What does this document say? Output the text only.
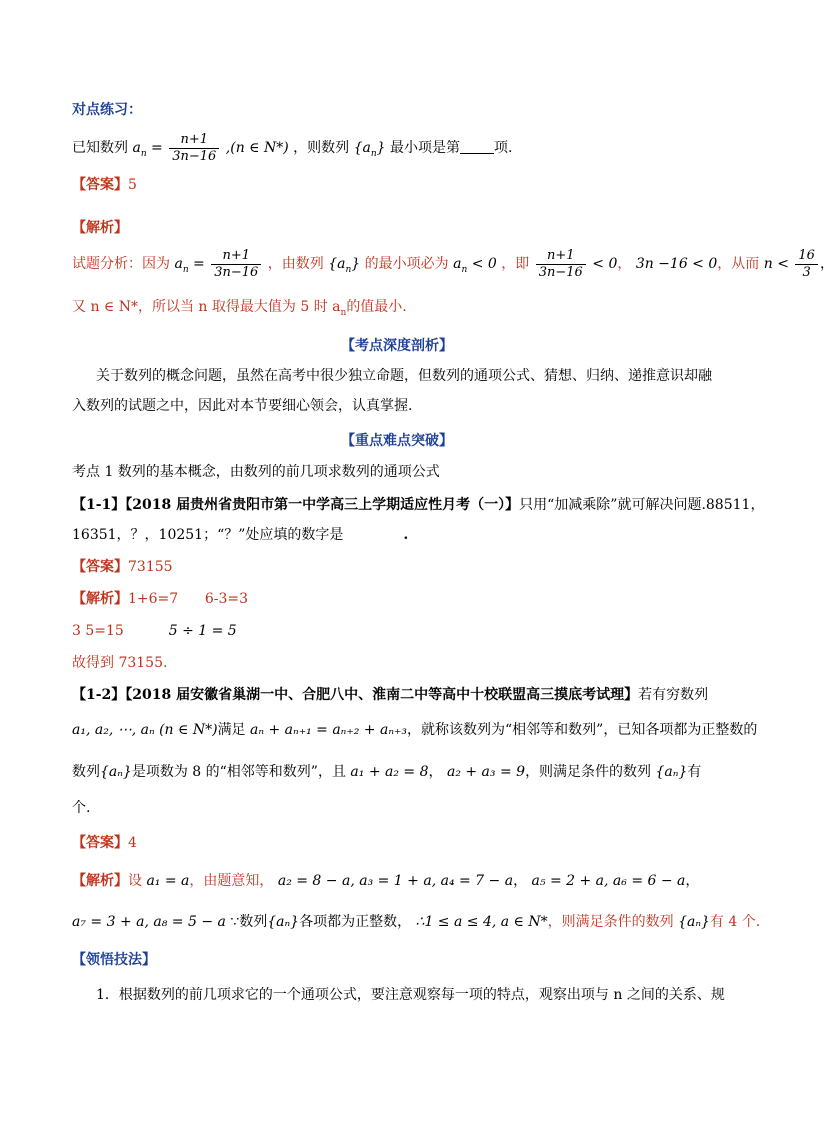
对点练习：
已知数列 $a_n = \frac{n+1}{3n-16} ,(n$ ∈ N*) ，则数列 $\{a_n\}$ 最小项是第 项.
【答案】5
【解析】
试题分析：因为 $a_n = \frac{n+1}{3n-16}$ ，由数列 $\{a_n\}$ 的最小项必为 $a_n < 0$ ，即 $\frac{n+1}{3n-16} < 0$， 3n −16 < 0，从而 $n < \frac{16}{3}$ ，
又 n ∈ N*，所以当 n 取得最大值为 5 时 $a_n$的值最小.
【考点深度剖析】
关于数列的概念问题，虽然在高考中很少独立命题，但数列的通项公式、猜想、归纳、递推意识却融
入数列的试题之中，因此对本节要细心领会，认真掌握.
【重点难点突破】
考点 1 数列的基本概念，由数列的前几项求数列的通项公式
【1-1】【2018 届贵州省贵阳市第一中学高三上学期适应性月考（一）】只用“加减乘除”就可解决问题.88511，
16351，？，10251；“？”处应填的数字是	.
【答案】73155
【解析】1+6=7      6-3=3
3 5=15	5 ÷ 1 = 5
故得到 73155.
【1-2】【2018 届安徽省巢湖一中、合肥八中、淮南二中等高中十校联盟高三摸底考试理】若有穷数列
a₁, a₂, ⋯, aₙ (n ∈ N*)满足 aₙ + aₙ₊₁ = aₙ₊₂ + aₙ₊₃，就称该数列为“相邻等和数列”，已知各项都为正整数的
数列{aₙ}是项数为 8 的“相邻等和数列”，且 a₁ + a₂ = 8， a₂ + a₃ = 9，则满足条件的数列 {aₙ}有
个.
【答案】4
【解析】设 a₁ = a，由题意知， a₂ = 8 − a, a₃ = 1 + a, a₄ = 7 − a， a₅ = 2 + a, a₆ = 6 − a，
a₇ = 3 + a, a₈ = 5 − a ∵数列{aₙ}各项都为正整数， ∴1 ≤ a ≤ 4, a ∈ N*，则满足条件的数列 {aₙ}有 4 个.
【领悟技法】
1．根据数列的前几项求它的一个通项公式，要注意观察每一项的特点，观察出项与 n 之间的关系、规
